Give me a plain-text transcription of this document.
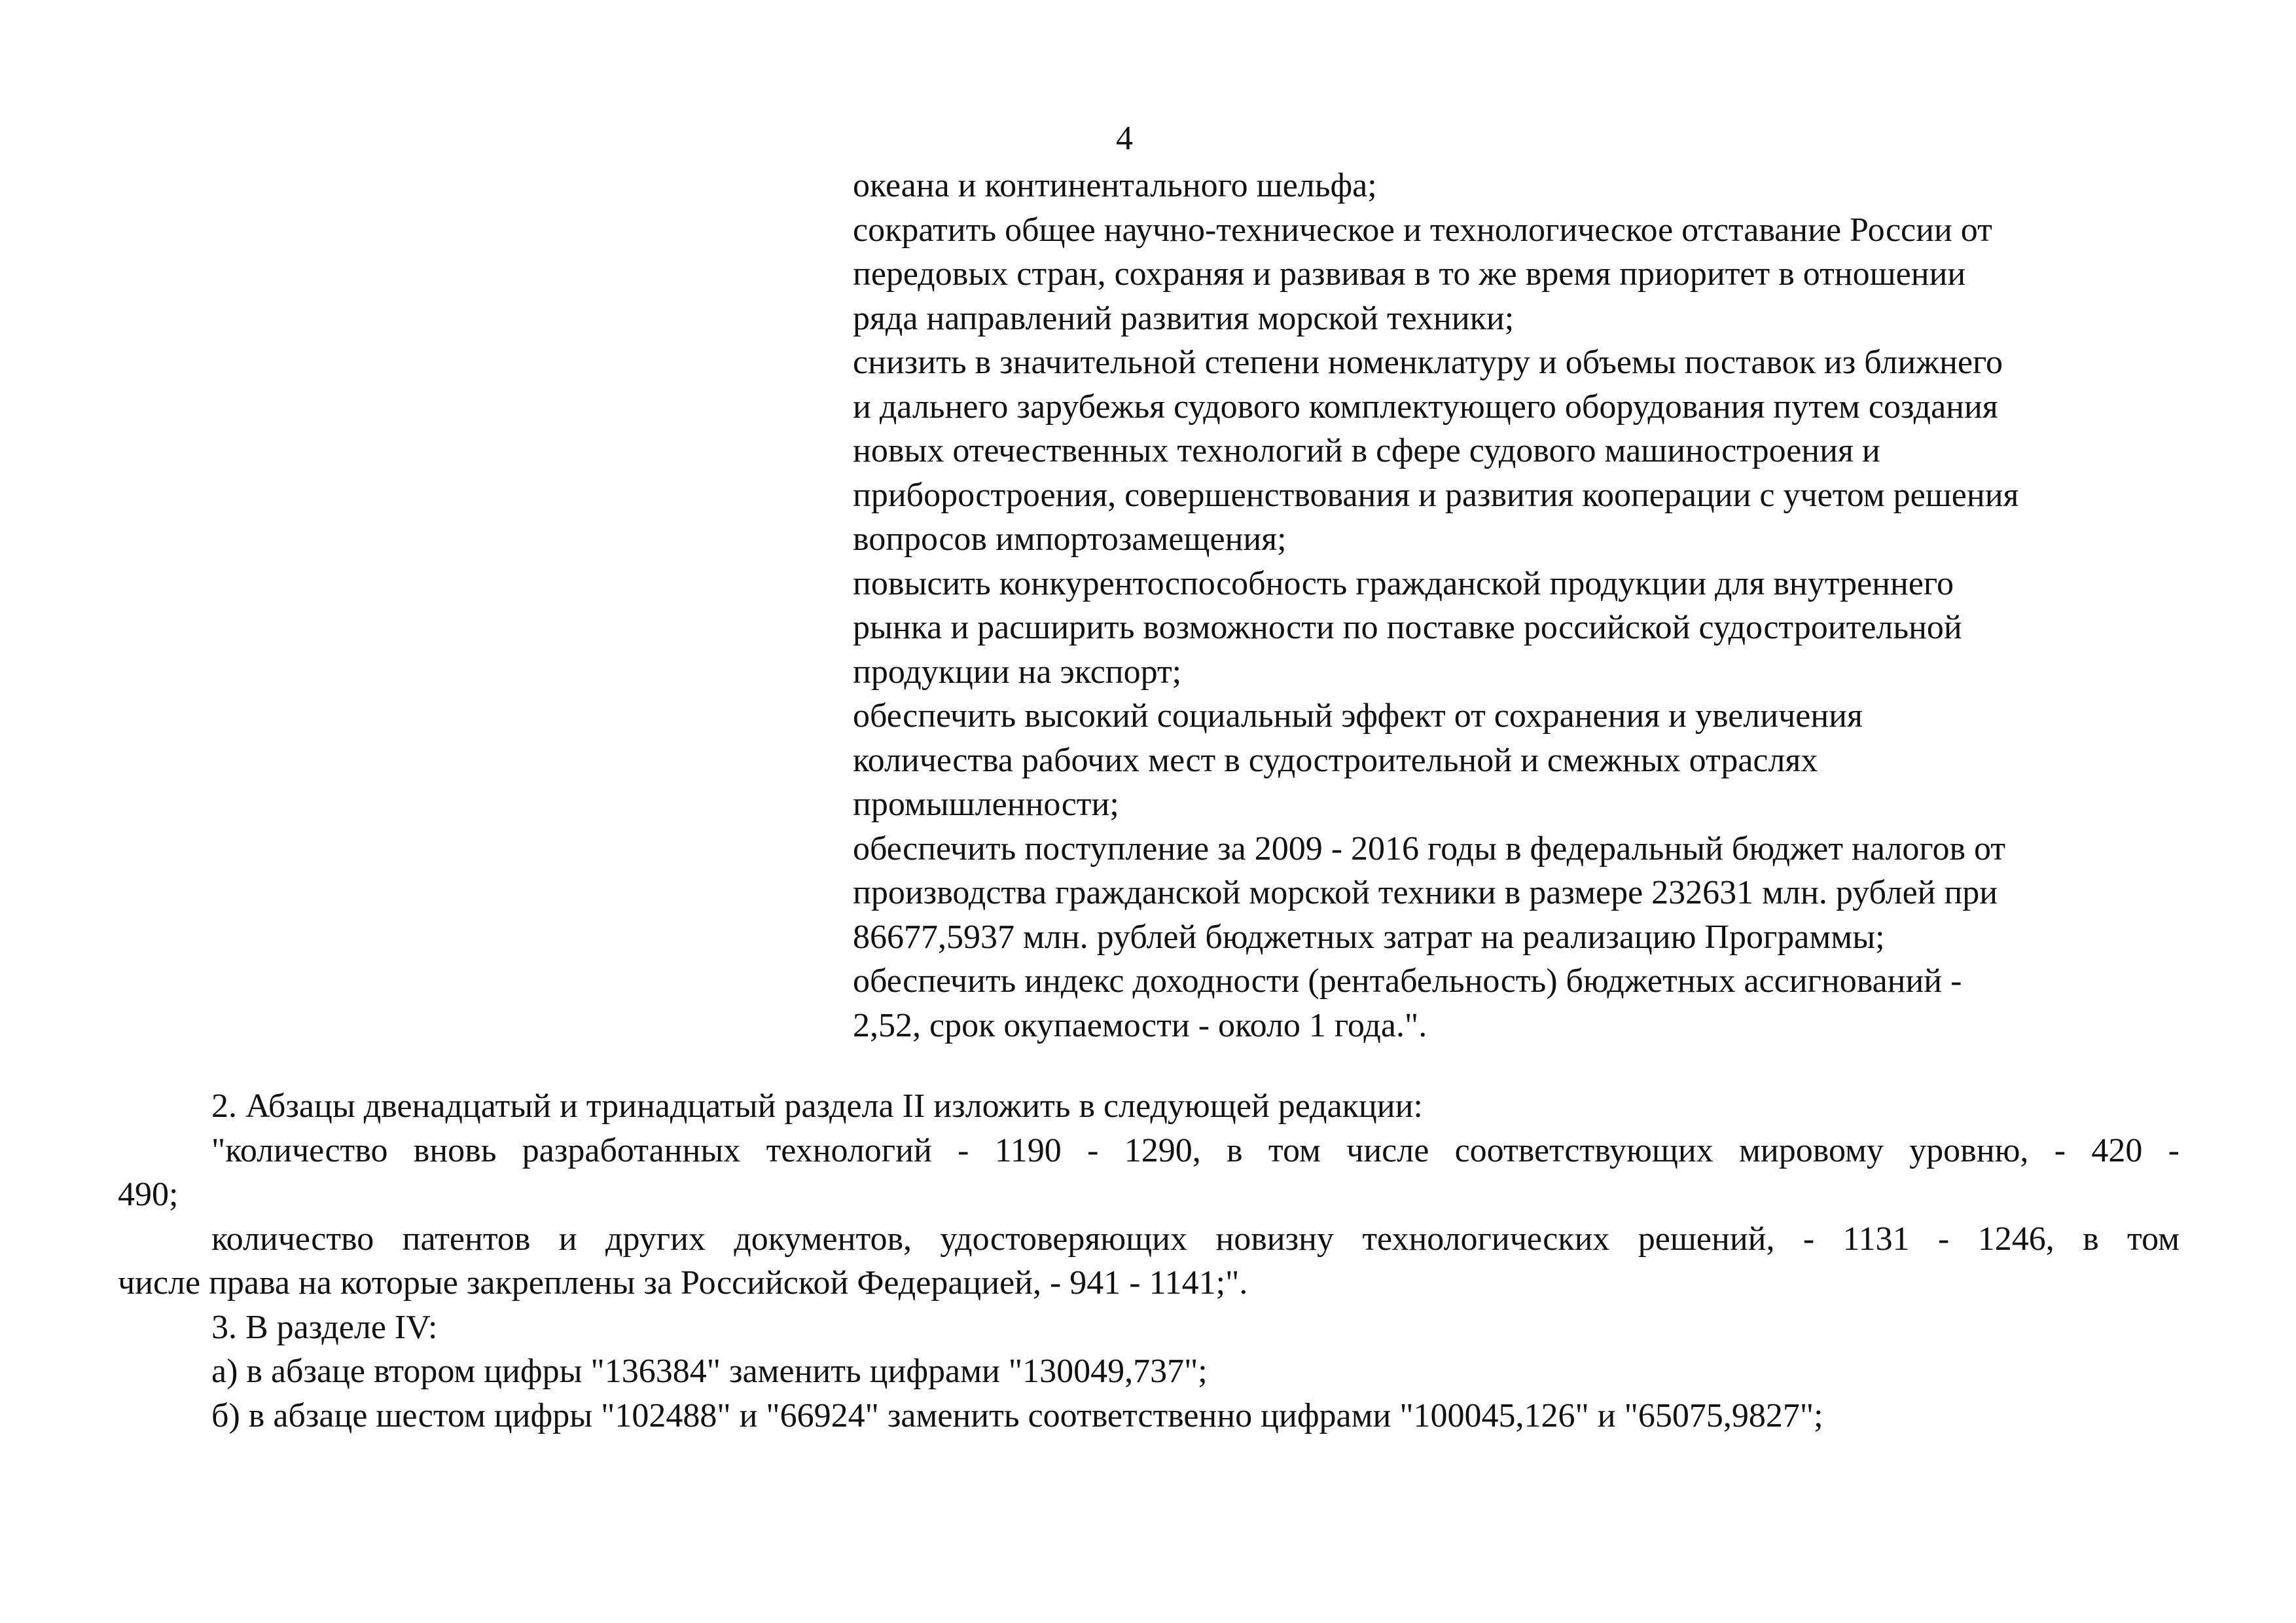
4
океана и континентального шельфа;
сократить общее научно-техническое и технологическое отставание России от
передовых стран, сохраняя и развивая в то же время приоритет в отношении
ряда направлений развития морской техники;
снизить в значительной степени номенклатуру и объемы поставок из ближнего
и дальнего зарубежья судового комплектующего оборудования путем создания
новых отечественных технологий в сфере судового машиностроения и
приборостроения, совершенствования и развития кооперации с учетом решения
вопросов импортозамещения;
повысить конкурентоспособность гражданской продукции для внутреннего
рынка и расширить возможности по поставке российской судостроительной
продукции на экспорт;
обеспечить высокий социальный эффект от сохранения и увеличения
количества рабочих мест в судостроительной и смежных отраслях
промышленности;
обеспечить поступление за 2009 - 2016 годы в федеральный бюджет налогов от
производства гражданской морской техники в размере 232631 млн. рублей при
86677,5937 млн. рублей бюджетных затрат на реализацию Программы;
обеспечить индекс доходности (рентабельность) бюджетных ассигнований -
2,52, срок окупаемости - около 1 года.".

2. Абзацы двенадцатый и тринадцатый раздела II изложить в следующей редакции:

"количество вновь разработанных технологий - 1190 - 1290, в том числе соответствующих мировому уровню, - 420 -
490;

количество патентов и других документов, удостоверяющих новизну технологических решений, - 1131 - 1246, в том
числе права на которые закреплены за Российской Федерацией, - 941 - 1141;".

3. В разделе IV:

а) в абзаце втором цифры "136384" заменить цифрами "130049,737";

б) в абзаце шестом цифры "102488" и "66924" заменить соответственно цифрами "100045,126" и "65075,9827";
